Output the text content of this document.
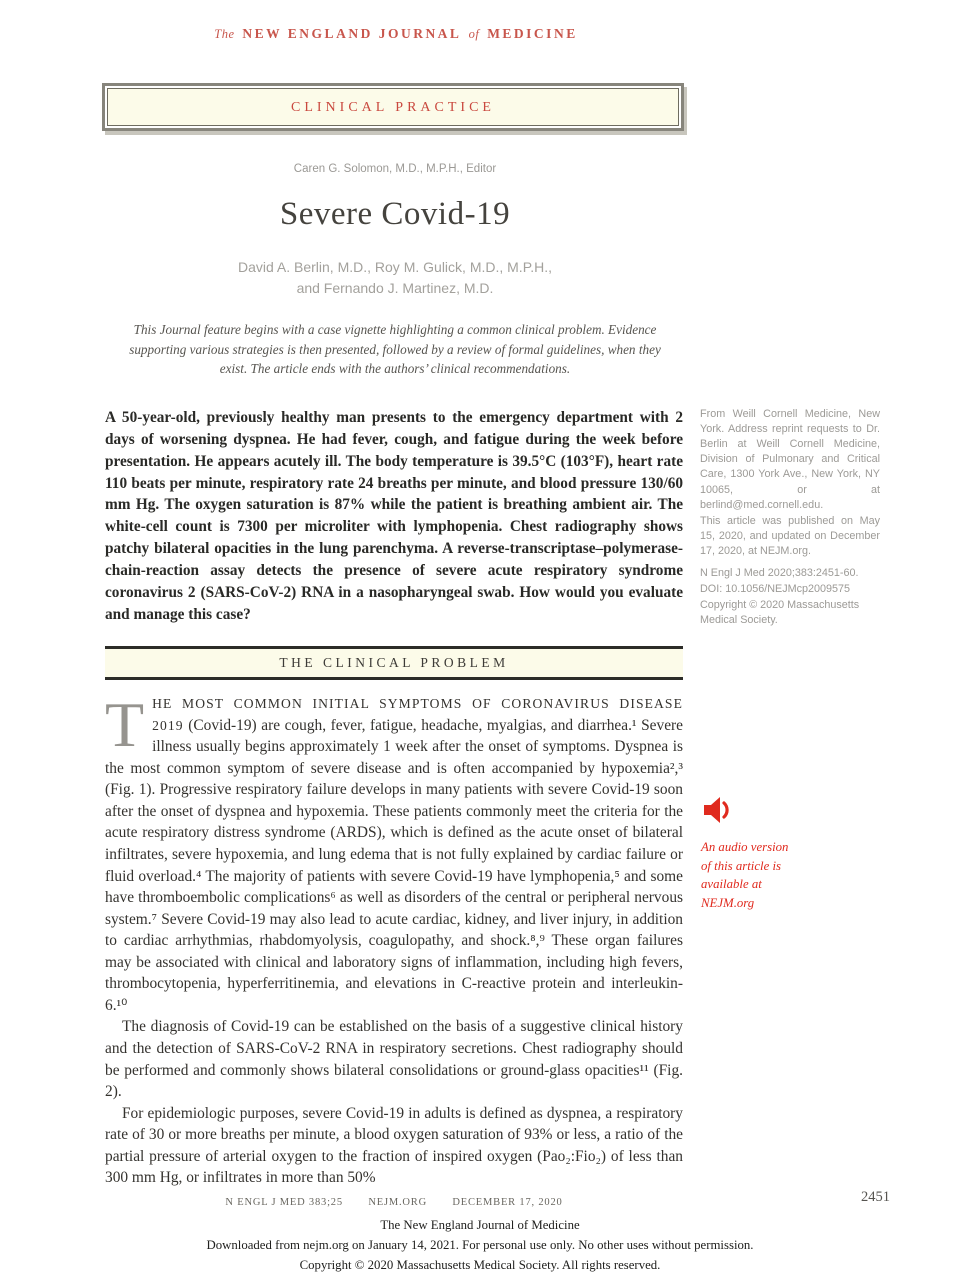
The NEW ENGLAND JOURNAL of MEDICINE
CLINICAL PRACTICE
Caren G. Solomon, M.D., M.P.H., Editor
Severe Covid-19
David A. Berlin, M.D., Roy M. Gulick, M.D., M.P.H.,
and Fernando J. Martinez, M.D.
This Journal feature begins with a case vignette highlighting a common clinical problem. Evidence supporting various strategies is then presented, followed by a review of formal guidelines, when they exist. The article ends with the authors’ clinical recommendations.
A 50-year-old, previously healthy man presents to the emergency department with 2 days of worsening dyspnea. He had fever, cough, and fatigue during the week before presentation. He appears acutely ill. The body temperature is 39.5°C (103°F), heart rate 110 beats per minute, respiratory rate 24 breaths per minute, and blood pressure 130/60 mm Hg. The oxygen saturation is 87% while the patient is breathing ambient air. The white-cell count is 7300 per microliter with lymphopenia. Chest radiography shows patchy bilateral opacities in the lung parenchyma. A reverse-transcriptase–polymerase-chain-reaction assay detects the presence of severe acute respiratory syndrome coronavirus 2 (SARS-CoV-2) RNA in a nasopharyngeal swab. How would you evaluate and manage this case?
From Weill Cornell Medicine, New York. Address reprint requests to Dr. Berlin at Weill Cornell Medicine, Division of Pulmonary and Critical Care, 1300 York Ave., New York, NY 10065, or at berlind@med.cornell.edu.
This article was published on May 15, 2020, and updated on December 17, 2020, at NEJM.org.
N Engl J Med 2020;383:2451-60.
DOI: 10.1056/NEJMcp2009575
Copyright © 2020 Massachusetts Medical Society.
An audio version of this article is available at NEJM.org
THE CLINICAL PROBLEM

T HE MOST COMMON INITIAL SYMPTOMS OF CORONAVIRUS DISEASE 2019 (Covid-19) are cough, fever, fatigue, headache, myalgias, and diarrhea.¹ Severe illness usually begins approximately 1 week after the onset of symptoms. Dyspnea is the most common symptom of severe disease and is often accompanied by hypoxemia²,³ (Fig. 1). Progressive respiratory failure develops in many patients with severe Covid-19 soon after the onset of dyspnea and hypoxemia. These patients commonly meet the criteria for the acute respiratory distress syndrome (ARDS), which is defined as the acute onset of bilateral infiltrates, severe hypoxemia, and lung edema that is not fully explained by cardiac failure or fluid overload.⁴ The majority of patients with severe Covid-19 have lymphopenia,⁵ and some have thromboembolic complications⁶ as well as disorders of the central or peripheral nervous system.⁷ Severe Covid-19 may also lead to acute cardiac, kidney, and liver injury, in addition to cardiac arrhythmias, rhabdomyolysis, coagulopathy, and shock.⁸,⁹ These organ failures may be associated with clinical and laboratory signs of inflammation, including high fevers, thrombocytopenia, hyperferritinemia, and elevations in C-reactive protein and interleukin-6.¹⁰

The diagnosis of Covid-19 can be established on the basis of a suggestive clinical history and the detection of SARS-CoV-2 RNA in respiratory secretions. Chest radiography should be performed and commonly shows bilateral consolidations or ground-glass opacities¹¹ (Fig. 2).

For epidemiologic purposes, severe Covid-19 in adults is defined as dyspnea, a respiratory rate of 30 or more breaths per minute, a blood oxygen saturation of 93% or less, a ratio of the partial pressure of arterial oxygen to the fraction of inspired oxygen (Pao₂:Fio₂) of less than 300 mm Hg, or infiltrates in more than 50%

N ENGL J MED 383;25 NEJM.ORG DECEMBER 17, 2020	2451
The New England Journal of Medicine
Downloaded from nejm.org on January 14, 2021. For personal use only. No other uses without permission.
Copyright © 2020 Massachusetts Medical Society. All rights reserved.
